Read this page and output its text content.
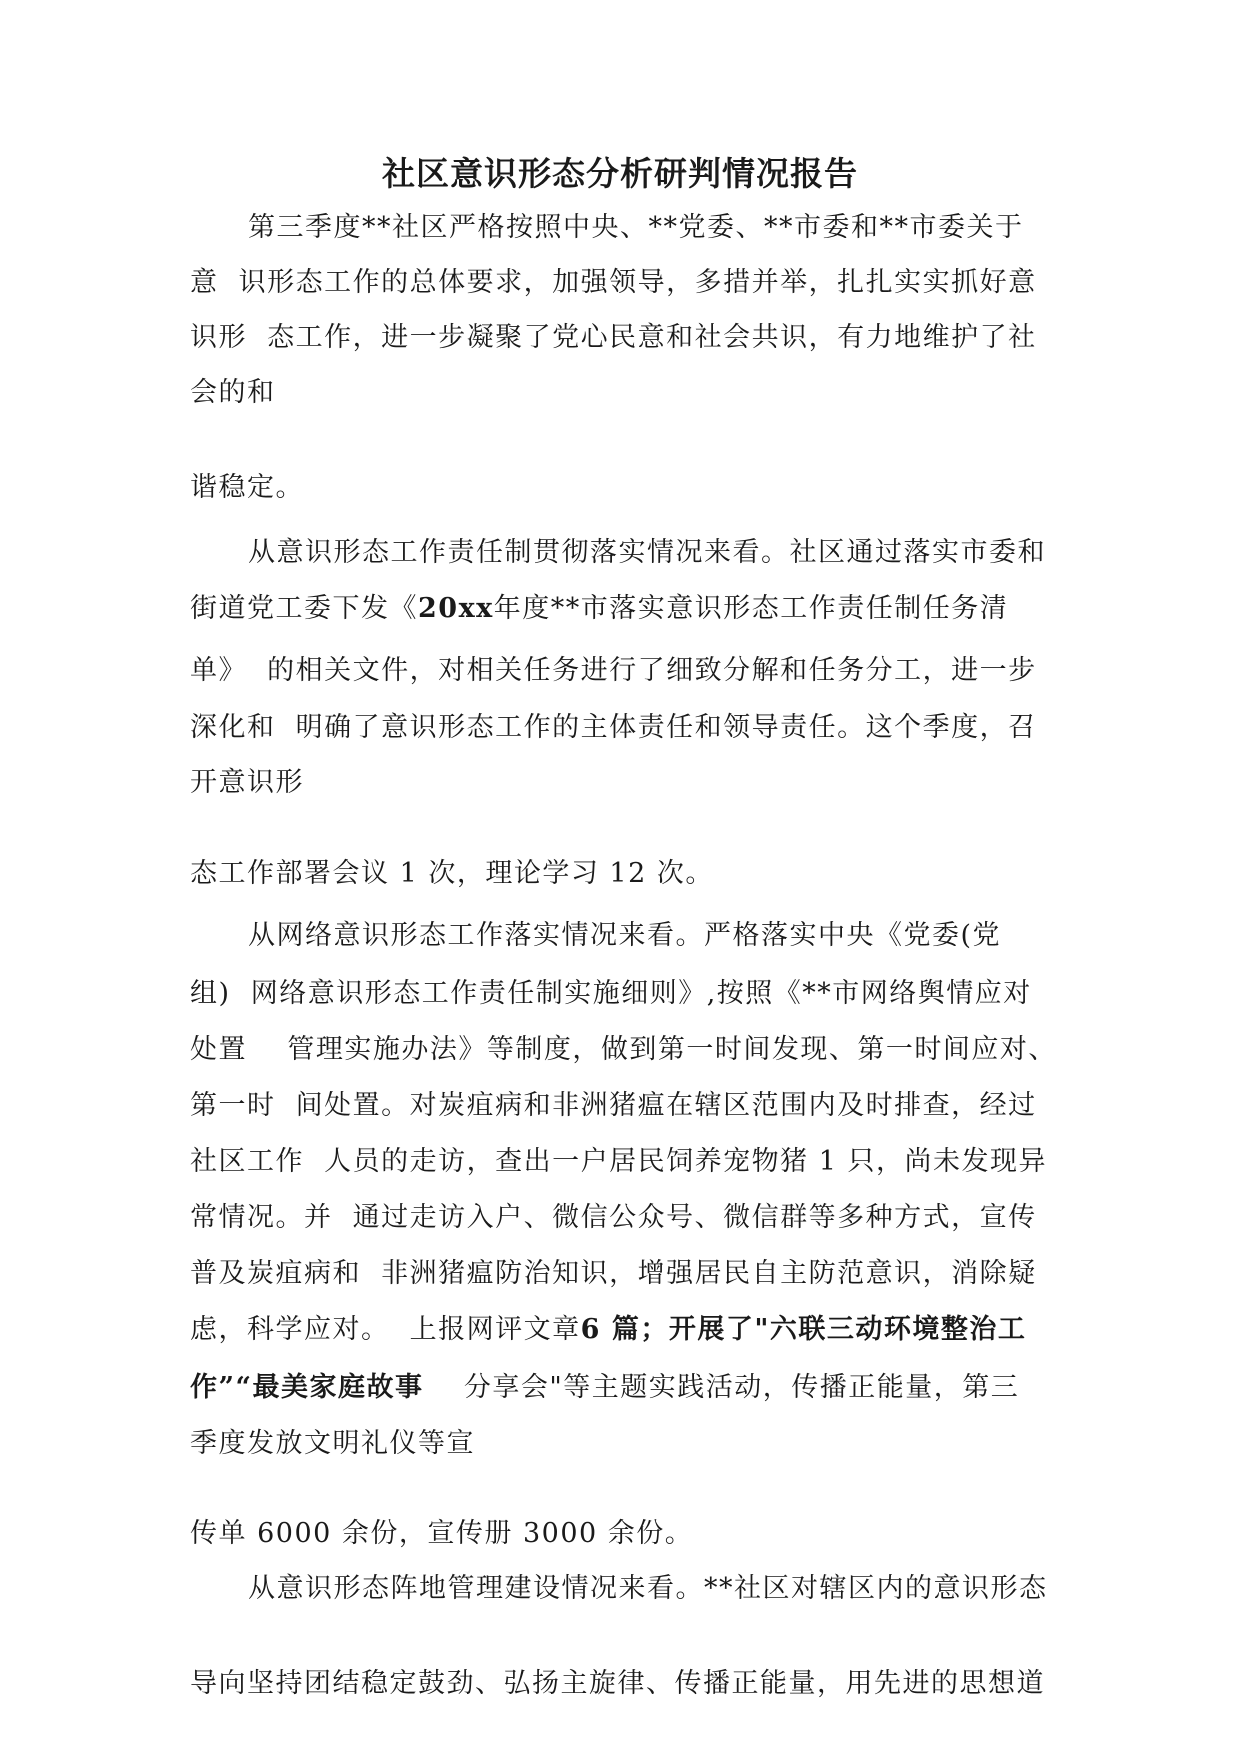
社区意识形态分析研判情况报告
第三季度**社区严格按照中央、**党委、**市委和**市委关于
意  识形态工作的总体要求，加强领导，多措并举，扎扎实实抓好意
识形  态工作，进一步凝聚了党心民意和社会共识，有力地维护了社
会的和
谐稳定。
从意识形态工作责任制贯彻落实情况来看。社区通过落实市委和
街道党工委下发《20xx年度**市落实意识形态工作责任制任务清
单》  的相关文件，对相关任务进行了细致分解和任务分工，进一步
深化和  明确了意识形态工作的主体责任和领导责任。这个季度，召
开意识形
态工作部署会议 1 次，理论学习 12 次。
从网络意识形态工作落实情况来看。严格落实中央《党委(党
组)  网络意识形态工作责任制实施细则》,按照《**市网络舆情应对
处置    管理实施办法》等制度，做到第一时间发现、第一时间应对、
第一时  间处置。对炭疽病和非洲猪瘟在辖区范围内及时排查，经过
社区工作  人员的走访，查出一户居民饲养宠物猪 1 只，尚未发现异
常情况。并  通过走访入户、微信公众号、微信群等多种方式，宣传
普及炭疽病和  非洲猪瘟防治知识，增强居民自主防范意识，消除疑
虑，科学应对。  上报网评文章6 篇；开展了"六联三动环境整治工
作”“最美家庭故事    分享会"等主题实践活动，传播正能量，第三
季度发放文明礼仪等宣
传单 6000 余份，宣传册 3000 余份。
从意识形态阵地管理建设情况来看。**社区对辖区内的意识形态
导向坚持团结稳定鼓劲、弘扬主旋律、传播正能量，用先进的思想道
